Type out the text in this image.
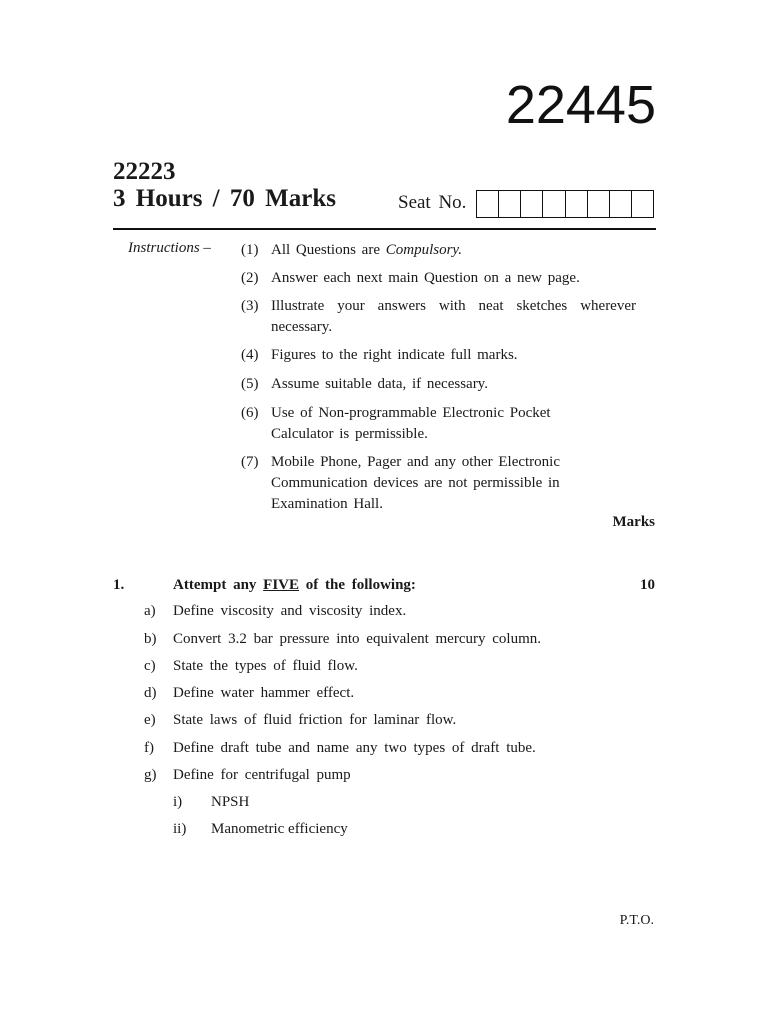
22445
22223
3 Hours / 70 Marks	Seat No.
Instructions – (1) All Questions are Compulsory.
(2) Answer each next main Question on a new page.
(3) Illustrate your answers with neat sketches wherever necessary.
(4) Figures to the right indicate full marks.
(5) Assume suitable data, if necessary.
(6) Use of Non-programmable Electronic Pocket Calculator is permissible.
(7) Mobile Phone, Pager and any other Electronic Communication devices are not permissible in Examination Hall.
Marks
1.	Attempt any FIVE of the following:	10
a) Define viscosity and viscosity index.
b) Convert 3.2 bar pressure into equivalent mercury column.
c) State the types of fluid flow.
d) Define water hammer effect.
e) State laws of fluid friction for laminar flow.
f) Define draft tube and name any two types of draft tube.
g) Define for centrifugal pump
i) NPSH
ii) Manometric efficiency
P.T.O.
